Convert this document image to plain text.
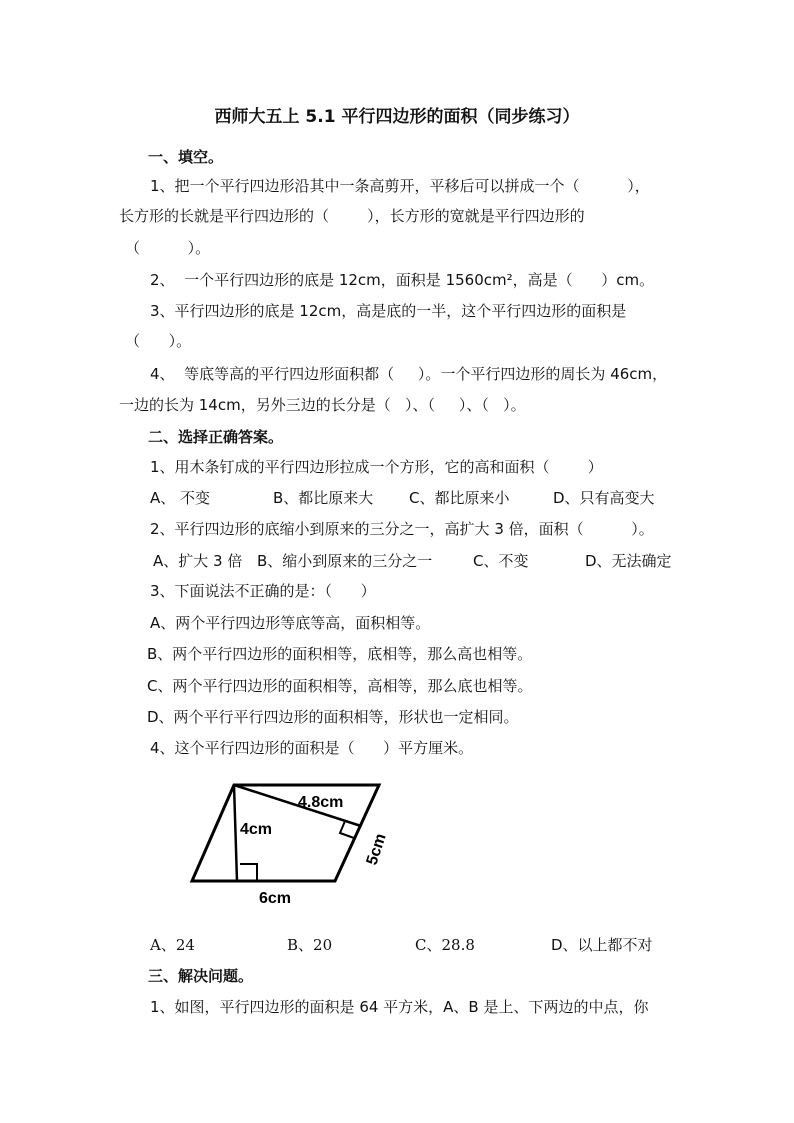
西师大五上 5.1 平行四边形的面积（同步练习）
一、填空。
1、把一个平行四边形沿其中一条高剪开，平移后可以拼成一个（          ），
长方形的长就是平行四边形的（        ），长方形的宽就是平行四边形的
（          ）。
2、  一个平行四边形的底是 12cm，面积是 1560cm²，高是（      ）cm。
3、平行四边形的底是 12cm，高是底的一半，这个平行四边形的面积是
（      ）。
4、  等底等高的平行四边形面积都（     ）。一个平行四边形的周长为 46cm，
一边的长为 14cm，另外三边的长分是（   ）、（     ）、（   ）。
二、选择正确答案。
1、用木条钉成的平行四边形拉成一个方形，它的高和面积（        ）
A、 不变	B、都比原来大 C、都比原来小	D、只有高变大
2、平行四边形的底缩小到原来的三分之一，高扩大 3 倍，面积（          ）。
A、扩大 3 倍 B、缩小到原来的三分之一	C、不变	D、无法确定
3、下面说法不正确的是：（      ）
A、两个平行四边形等底等高，面积相等。
B、两个平行四边形的面积相等，底相等，那么高也相等。
C、两个平行四边形的面积相等，高相等，那么底也相等。
D、两个平行平行四边形的面积相等，形状也一定相同。
4、这个平行四边形的面积是（      ）平方厘米。
4.8cm
4cm
5cm
6cm
A、24	B、20	C、28.8	D、以上都不对
三、解决问题。
1、如图，平行四边形的面积是 64 平方米，A、B 是上、下两边的中点，你
